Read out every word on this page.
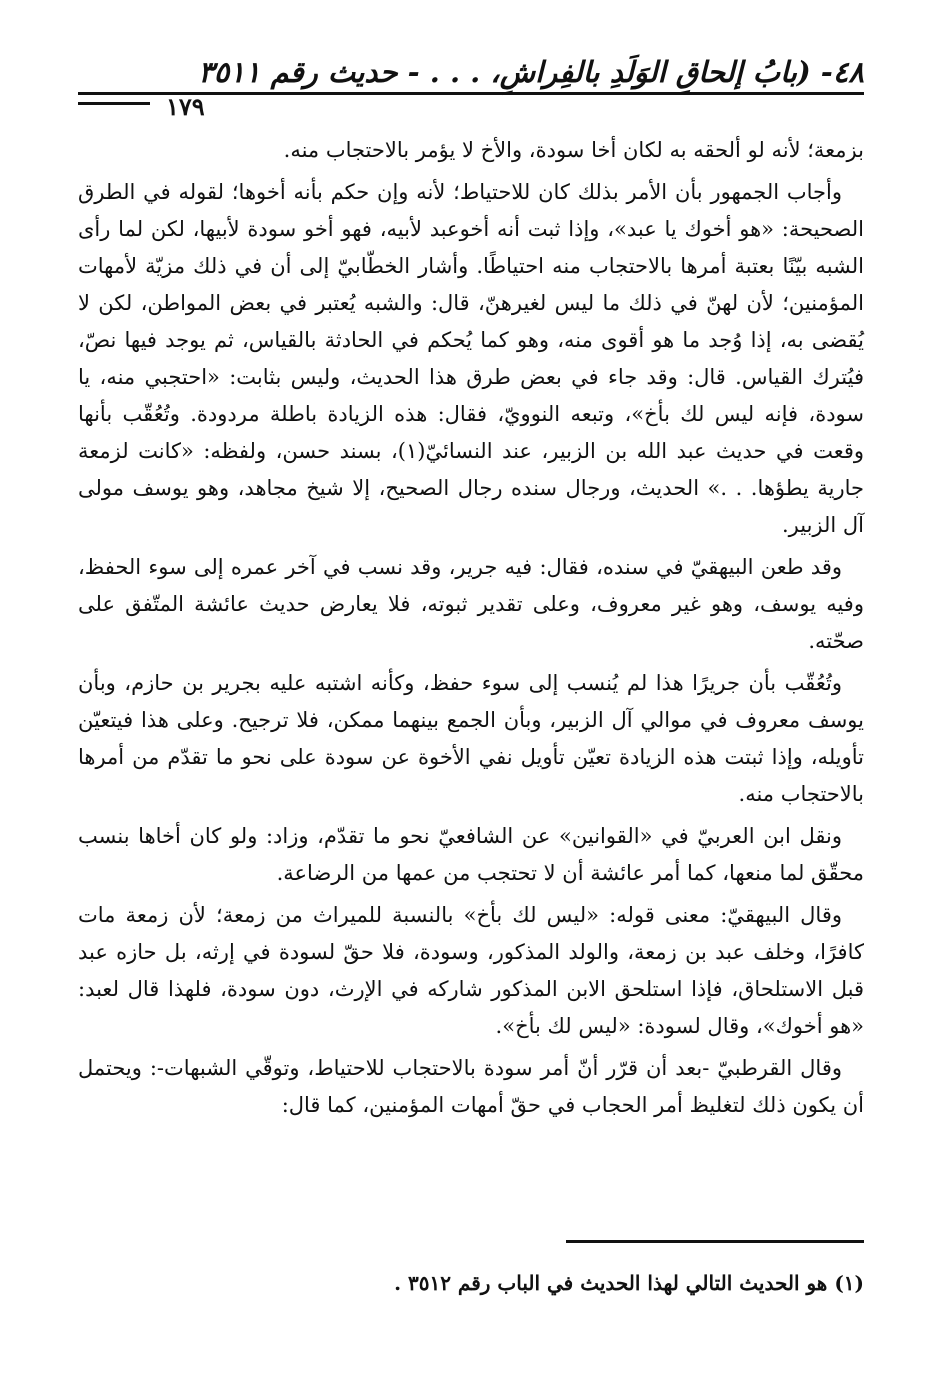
٤٨- (بابُ إلحاقِ الوَلَدِ بالفِراشِ، . . . - حديث رقم ٣٥١١
١٧٩

بزمعة؛ لأنه لو ألحقه به لكان أخا سودة، والأخ لا يؤمر بالاحتجاب منه.

وأجاب الجمهور بأن الأمر بذلك كان للاحتياط؛ لأنه وإن حكم بأنه أخوها؛ لقوله في الطرق الصحيحة: «هو أخوك يا عبد»، وإذا ثبت أنه أخوعبد لأبيه، فهو أخو سودة لأبيها، لكن لما رأى الشبه بيّنًا بعتبة أمرها بالاحتجاب منه احتياطًا. وأشار الخطّابيّ إلى أن في ذلك مزيّة لأمهات المؤمنين؛ لأن لهنّ في ذلك ما ليس لغيرهنّ، قال: والشبه يُعتبر في بعض المواطن، لكن لا يُقضى به، إذا وُجد ما هو أقوى منه، وهو كما يُحكم في الحادثة بالقياس، ثم يوجد فيها نصّ، فيُترك القياس. قال: وقد جاء في بعض طرق هذا الحديث، وليس بثابت: «احتجبي منه، يا سودة، فإنه ليس لك بأخ»، وتبعه النوويّ، فقال: هذه الزيادة باطلة مردودة. وتُعُقّب بأنها وقعت في حديث عبد الله بن الزبير، عند النسائيّ(١)، بسند حسن، ولفظه: «كانت لزمعة جارية يطؤها. . .» الحديث، ورجال سنده رجال الصحيح، إلا شيخ مجاهد، وهو يوسف مولى آل الزبير.

وقد طعن البيهقيّ في سنده، فقال: فيه جرير، وقد نسب في آخر عمره إلى سوء الحفظ، وفيه يوسف، وهو غير معروف، وعلى تقدير ثبوته، فلا يعارض حديث عائشة المتّفق على صحّته.

وتُعُقّب بأن جريرًا هذا لم يُنسب إلى سوء حفظ، وكأنه اشتبه عليه بجرير بن حازم، وبأن يوسف معروف في موالي آل الزبير، وبأن الجمع بينهما ممكن، فلا ترجيح. وعلى هذا فيتعيّن تأويله، وإذا ثبتت هذه الزيادة تعيّن تأويل نفي الأخوة عن سودة على نحو ما تقدّم من أمرها بالاحتجاب منه.

ونقل ابن العربيّ في «القوانين» عن الشافعيّ نحو ما تقدّم، وزاد: ولو كان أخاها بنسب محقّق لما منعها، كما أمر عائشة أن لا تحتجب من عمها من الرضاعة.

وقال البيهقيّ: معنى قوله: «ليس لك بأخ» بالنسبة للميراث من زمعة؛ لأن زمعة مات كافرًا، وخلف عبد بن زمعة، والولد المذكور، وسودة، فلا حقّ لسودة في إرثه، بل حازه عبد قبل الاستلحاق، فإذا استلحق الابن المذكور شاركه في الإرث، دون سودة، فلهذا قال لعبد: «هو أخوك»، وقال لسودة: «ليس لك بأخ».

وقال القرطبيّ -بعد أن قرّر أنّ أمر سودة بالاحتجاب للاحتياط، وتوقّي الشبهات-: ويحتمل أن يكون ذلك لتغليظ أمر الحجاب في حقّ أمهات المؤمنين، كما قال:

(١) هو الحديث التالي لهذا الحديث في الباب رقم ٣٥١٢ .
